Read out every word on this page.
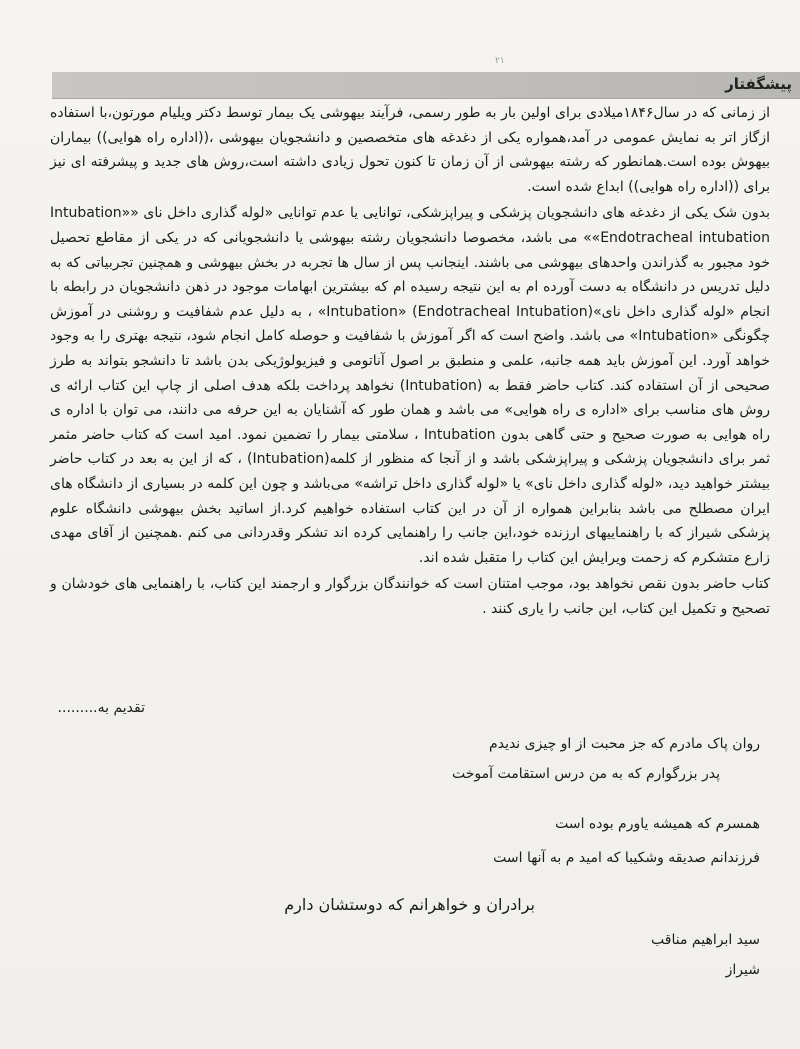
۲۱
پیشگفتار

از زمانی که در سال۱۸۴۶میلادی برای اولین بار به طور رسمی، فرآیند بیهوشی یک بیمار توسط دکتر ویلیام مورتون،با استفاده ازگاز اتر به نمایش عمومی در آمد،همواره یکی از دغدغه های متخصصین و دانشجویان بیهوشی ،((اداره راه هوایی)) بیماران بیهوش بوده است.همانطور که رشته بیهوشی از آن زمان تا کنون تحول زیادی داشته است،روش های جدید و پیشرفته ای نیز برای ((اداره راه هوایی)) ابداع شده است.

بدون شک یکی از دغدغه های دانشجویان پزشکی و پیراپزشکی، توانایی یا عدم توانایی «لوله گذاری داخل نای «Intubation» «Endotracheal intubation» می باشد، مخصوصا دانشجویان رشته بیهوشی یا دانشجویانی که در یکی از مقاطع تحصیل خود مجبور به گذراندن واحدهای بیهوشی می باشند. اینجانب پس از سال ها تجربه در بخش بیهوشی و همچنین تجربیاتی که به دلیل تدریس در دانشگاه به دست آورده ام به این نتیجه رسیده ام که بیشترین ابهامات موجود در ذهن دانشجویان در رابطه با انجام «لوله گذاری داخل نای»(Endotracheal Intubation) «Intubation» ، به دلیل عدم شفافیت و روشنی در آموزش چگونگی «Intubation» می باشد. واضح است که اگر آموزش با شفافیت و حوصله کامل انجام شود، نتیجه بهتری را به وجود خواهد آورد. این آموزش باید همه جانبه، علمی و منطبق بر اصول آناتومی و فیزیولوژیکی بدن باشد تا دانشجو بتواند به طرز صحیحی از آن استفاده کند. کتاب حاضر فقط به (Intubation) نخواهد پرداخت بلکه هدف اصلی از چاپ این کتاب ارائه ی روش های مناسب برای «اداره ی راه هوایی» می باشد و همان طور که آشنایان به این حرفه می دانند، می توان با اداره ی راه هوایی به صورت صحیح و حتی گاهی بدون Intubation ، سلامتی بیمار را تضمین نمود. امید است که کتاب حاضر مثمر ثمر برای دانشجویان پزشکی و پیراپزشکی باشد و از آنجا که منظور از کلمه(Intubation) ، که از این به بعد در کتاب حاضر بیشتر خواهید دید، «لوله گذاری داخل نای» یا «لوله گذاری داخل تراشه» می‌باشد و چون این کلمه در بسیاری از دانشگاه های ایران مصطلح می باشد بنابراین همواره از آن در این کتاب استفاده خواهیم کرد.از اساتید بخش بیهوشی دانشگاه علوم پزشکی شیراز که با راهنماییهای ارزنده خود،این جانب را راهنمایی کرده اند تشکر وقدردانی می کنم .همچنین از آقای مهدی زارع متشکرم که زحمت ویرایش این کتاب را متقبل شده اند.

کتاب حاضر بدون نقص نخواهد بود، موجب امتنان است که خوانندگان بزرگوار و ارجمند این کتاب، با راهنمایی های خودشان و تصحیح و تکمیل این کتاب، این جانب را یاری کنند .

تقدیم به.........
روان پاک مادرم که جز محبت از او چیزی ندیدم
پدر بزرگوارم که به من درس استقامت آموخت
همسرم که همیشه یاورم بوده است
فرزندانم صدیقه وشکیبا که امید م به آنها است
برادران و خواهرانم که دوستشان دارم
سید ابراهیم مناقب
شیراز
